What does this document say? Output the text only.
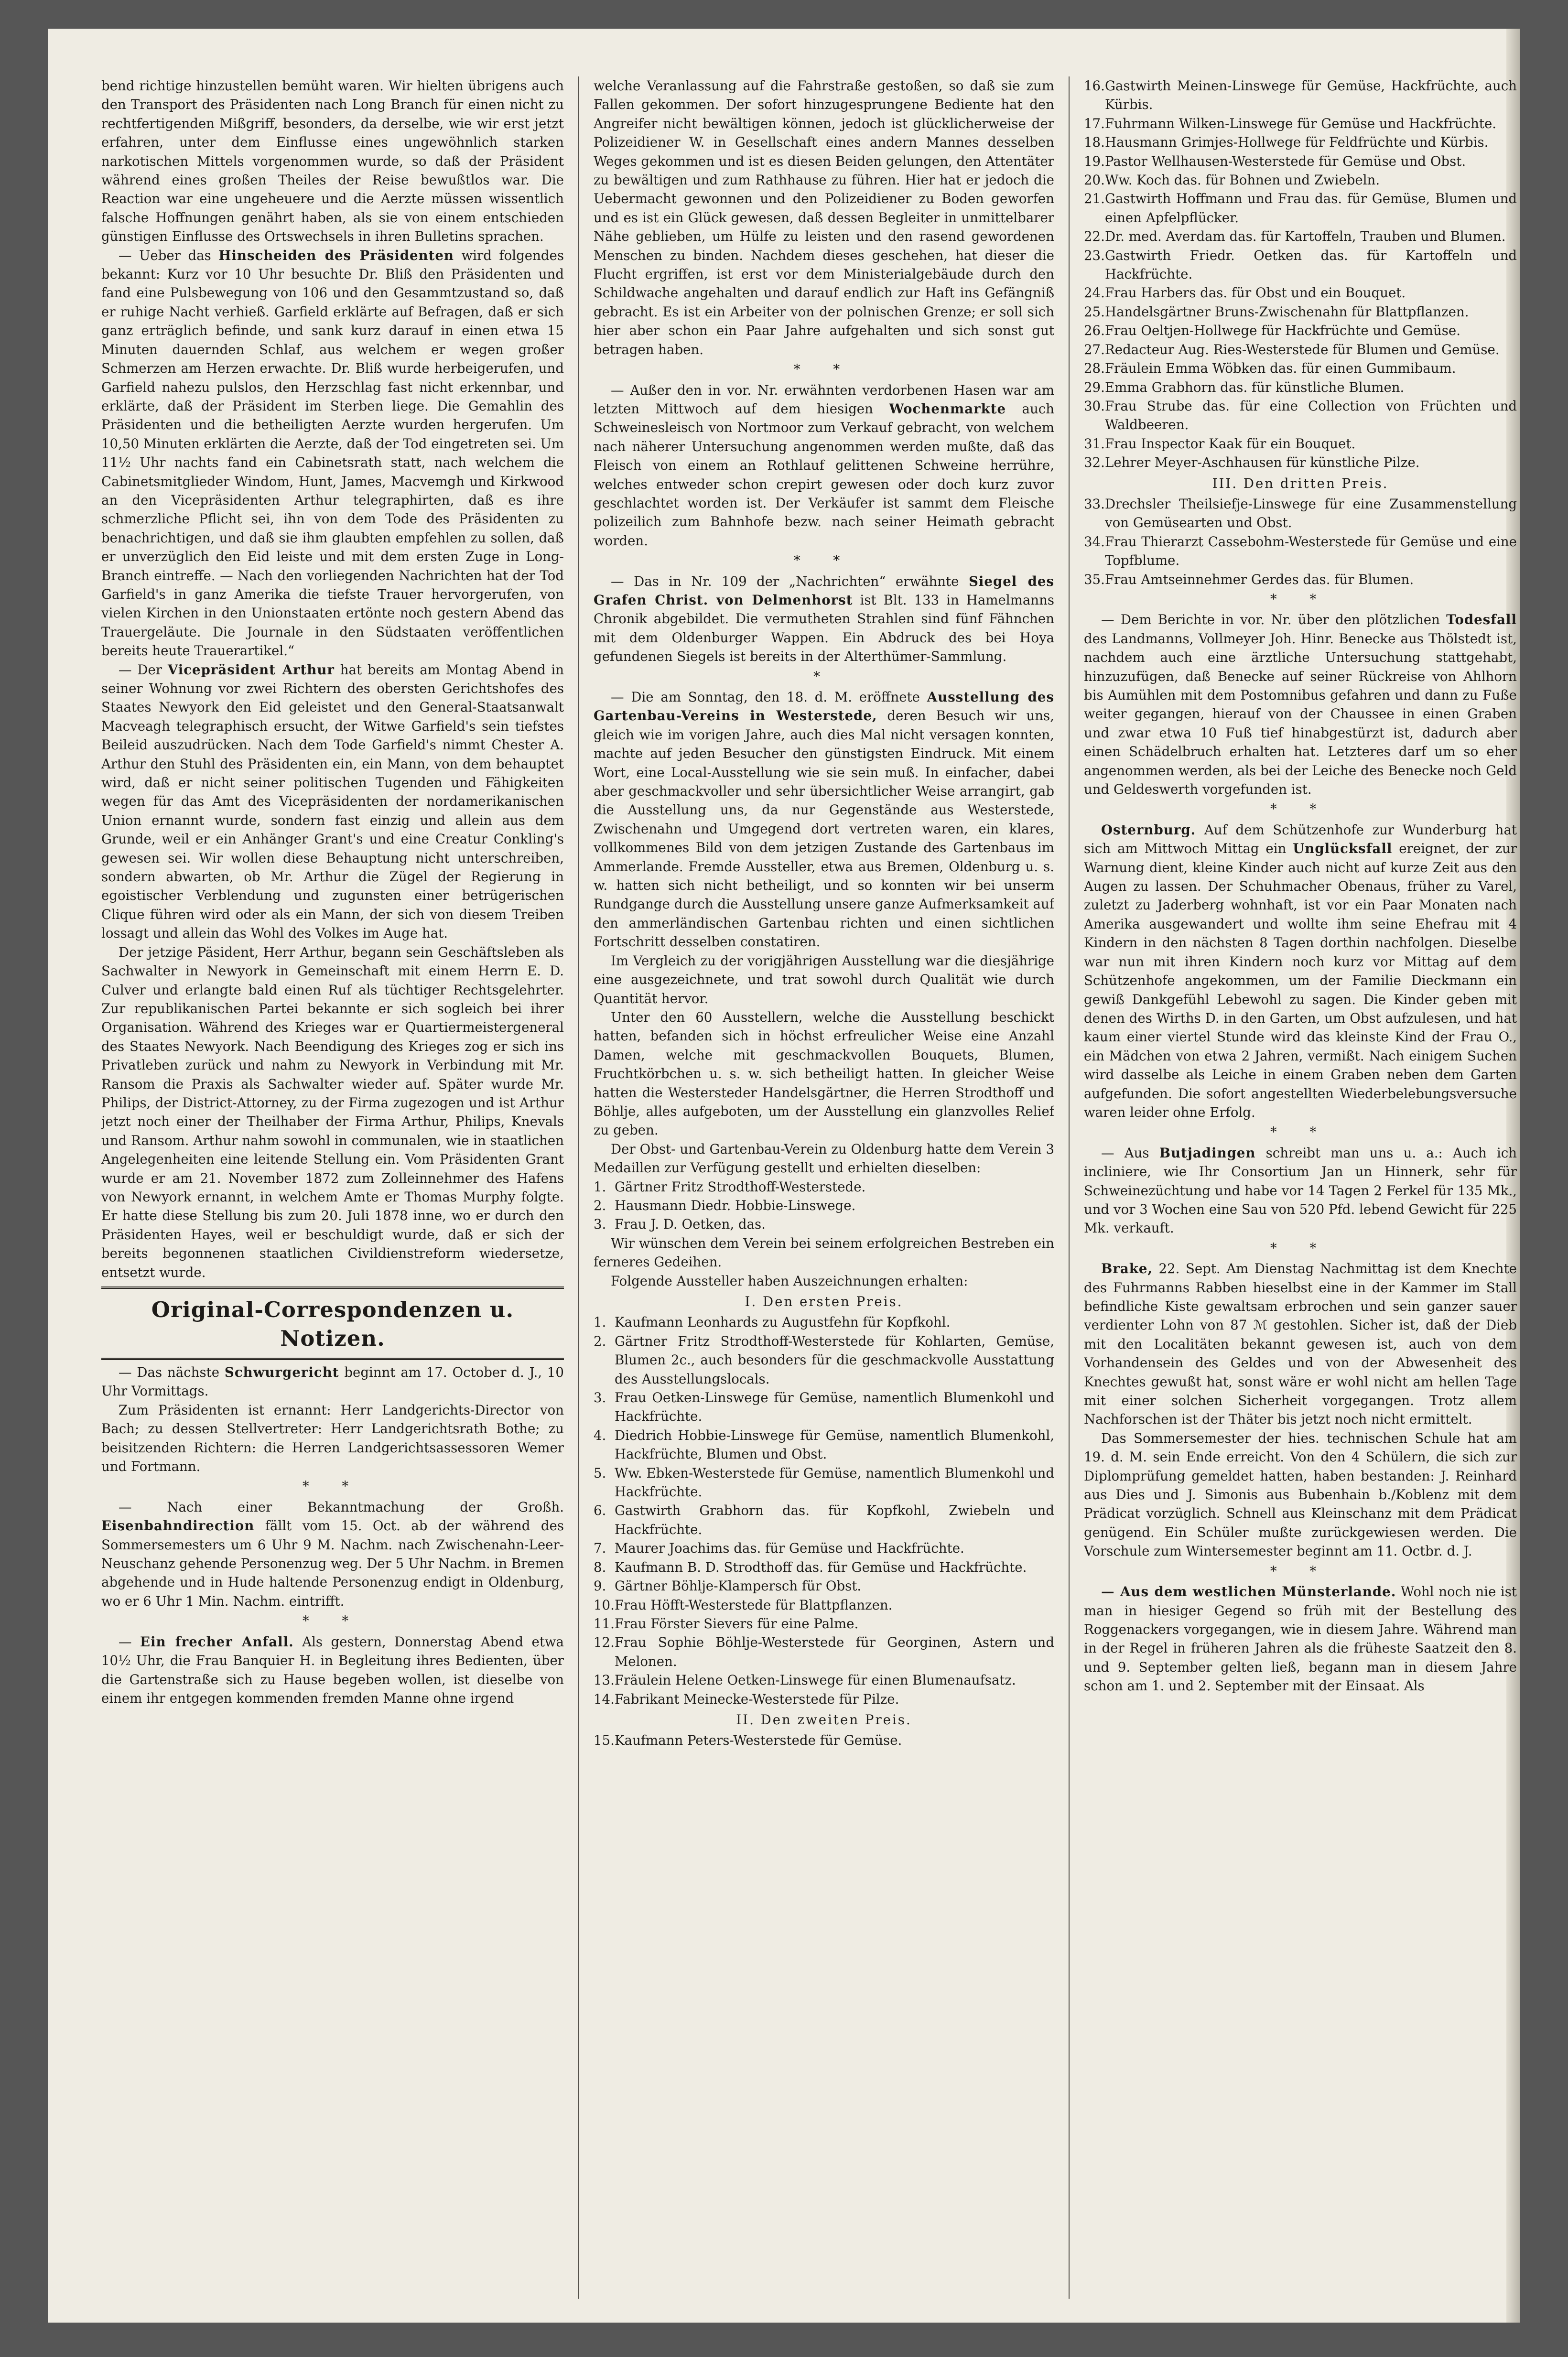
bend richtige hinzustellen bemüht waren. Wir hielten übrigens auch den Transport des Präsidenten nach Long Branch für einen nicht zu rechtfertigenden Mißgriff, besonders, da derselbe, wie wir erst jetzt erfahren, unter dem Einflusse eines ungewöhnlich starken narkotischen Mittels vorgenommen wurde, so daß der Präsident während eines großen Theiles der Reise bewußtlos war. Die Reaction war eine ungeheuere und die Aerzte müssen wissentlich falsche Hoffnungen genährt haben, als sie von einem entschieden günstigen Einflusse des Ortswechsels in ihren Bulletins sprachen.

— Ueber das Hinscheiden des Präsidenten wird folgendes bekannt: Kurz vor 10 Uhr besuchte Dr. Bliß den Präsidenten und fand eine Pulsbewegung von 106 und den Gesammtzustand so, daß er ruhige Nacht verhieß. Garfield erklärte auf Befragen, daß er sich ganz erträglich befinde, und sank kurz darauf in einen etwa 15 Minuten dauernden Schlaf, aus welchem er wegen großer Schmerzen am Herzen erwachte. Dr. Bliß wurde herbeigerufen, und Garfield nahezu pulslos, den Herzschlag fast nicht erkennbar, und erklärte, daß der Präsident im Sterben liege. Die Gemahlin des Präsidenten und die betheiligten Aerzte wurden hergerufen. Um 10,50 Minuten erklärten die Aerzte, daß der Tod eingetreten sei. Um 11½ Uhr nachts fand ein Cabinetsrath statt, nach welchem die Cabinetsmitglieder Windom, Hunt, James, Macvemgh und Kirkwood an den Vicepräsidenten Arthur telegraphirten, daß es ihre schmerzliche Pflicht sei, ihn von dem Tode des Präsidenten zu benachrichtigen, und daß sie ihm glaubten empfehlen zu sollen, daß er unverzüglich den Eid leiste und mit dem ersten Zuge in Long-Branch eintreffe. — Nach den vorliegenden Nachrichten hat der Tod Garfield's in ganz Amerika die tiefste Trauer hervorgerufen, von vielen Kirchen in den Unionstaaten ertönte noch gestern Abend das Trauergeläute. Die Journale in den Südstaaten veröffentlichen bereits heute Trauerartikel.“

— Der Vicepräsident Arthur hat bereits am Montag Abend in seiner Wohnung vor zwei Richtern des obersten Gerichtshofes des Staates Newyork den Eid geleistet und den General-Staatsanwalt Macveagh telegraphisch ersucht, der Witwe Garfield's sein tiefstes Beileid auszudrücken. Nach dem Tode Garfield's nimmt Chester A. Arthur den Stuhl des Präsidenten ein, ein Mann, von dem behauptet wird, daß er nicht seiner politischen Tugenden und Fähigkeiten wegen für das Amt des Vicepräsidenten der nordamerikanischen Union ernannt wurde, sondern fast einzig und allein aus dem Grunde, weil er ein Anhänger Grant's und eine Creatur Conkling's gewesen sei. Wir wollen diese Behauptung nicht unterschreiben, sondern abwarten, ob Mr. Arthur die Zügel der Regierung in egoistischer Verblendung und zugunsten einer betrügerischen Clique führen wird oder als ein Mann, der sich von diesem Treiben lossagt und allein das Wohl des Volkes im Auge hat.

Der jetzige Päsident, Herr Arthur, begann sein Geschäftsleben als Sachwalter in Newyork in Gemeinschaft mit einem Herrn E. D. Culver und erlangte bald einen Ruf als tüchtiger Rechtsgelehrter. Zur republikanischen Partei bekannte er sich sogleich bei ihrer Organisation. Während des Krieges war er Quartiermeistergeneral des Staates Newyork. Nach Beendigung des Krieges zog er sich ins Privatleben zurück und nahm zu Newyork in Verbindung mit Mr. Ransom die Praxis als Sachwalter wieder auf. Später wurde Mr. Philips, der District-Attorney, zu der Firma zugezogen und ist Arthur jetzt noch einer der Theilhaber der Firma Arthur, Philips, Knevals und Ransom. Arthur nahm sowohl in communalen, wie in staatlichen Angelegenheiten eine leitende Stellung ein. Vom Präsidenten Grant wurde er am 21. November 1872 zum Zolleinnehmer des Hafens von Newyork ernannt, in welchem Amte er Thomas Murphy folgte. Er hatte diese Stellung bis zum 20. Juli 1878 inne, wo er durch den Präsidenten Hayes, weil er beschuldigt wurde, daß er sich der bereits begonnenen staatlichen Civildienstreform wiedersetze, entsetzt wurde.

Original-Correspondenzen u. Notizen.

— Das nächste Schwurgericht beginnt am 17. October d. J., 10 Uhr Vormittags.

Zum Präsidenten ist ernannt: Herr Landgerichts-Director von Bach; zu dessen Stellvertreter: Herr Landgerichtsrath Bothe; zu beisitzenden Richtern: die Herren Landgerichtsassessoren Wemer und Fortmann.

* *

— Nach einer Bekanntmachung der Großh. Eisenbahndirection fällt vom 15. Oct. ab der während des Sommersemesters um 6 Uhr 9 M. Nachm. nach Zwischenahn-Leer-Neuschanz gehende Personenzug weg. Der 5 Uhr Nachm. in Bremen abgehende und in Hude haltende Personenzug endigt in Oldenburg, wo er 6 Uhr 1 Min. Nachm. eintrifft.

* *

— Ein frecher Anfall. Als gestern, Donnerstag Abend etwa 10½ Uhr, die Frau Banquier H. in Begleitung ihres Bedienten, über die Gartenstraße sich zu Hause begeben wollen, ist dieselbe von einem ihr entgegen kommenden fremden Manne ohne irgend

welche Veranlassung auf die Fahrstraße gestoßen, so daß sie zum Fallen gekommen. Der sofort hinzugesprungene Bediente hat den Angreifer nicht bewältigen können, jedoch ist glücklicherweise der Polizeidiener W. in Gesellschaft eines andern Mannes desselben Weges gekommen und ist es diesen Beiden gelungen, den Attentäter zu bewältigen und zum Rathhause zu führen. Hier hat er jedoch die Uebermacht gewonnen und den Polizeidiener zu Boden geworfen und es ist ein Glück gewesen, daß dessen Begleiter in unmittelbarer Nähe geblieben, um Hülfe zu leisten und den rasend gewordenen Menschen zu binden. Nachdem dieses geschehen, hat dieser die Flucht ergriffen, ist erst vor dem Ministerialgebäude durch den Schildwache angehalten und darauf endlich zur Haft ins Gefängniß gebracht. Es ist ein Arbeiter von der polnischen Grenze; er soll sich hier aber schon ein Paar Jahre aufgehalten und sich sonst gut betragen haben.

* *

— Außer den in vor. Nr. erwähnten verdorbenen Hasen war am letzten Mittwoch auf dem hiesigen Wochenmarkte auch Schweinesleisch von Nortmoor zum Verkauf gebracht, von welchem nach näherer Untersuchung angenommen werden mußte, daß das Fleisch von einem an Rothlauf gelittenen Schweine herrühre, welches entweder schon crepirt gewesen oder doch kurz zuvor geschlachtet worden ist. Der Verkäufer ist sammt dem Fleische polizeilich zum Bahnhofe bezw. nach seiner Heimath gebracht worden.

* *

— Das in Nr. 109 der „Nachrichten“ erwähnte Siegel des Grafen Christ. von Delmenhorst ist Blt. 133 in Hamelmanns Chronik abgebildet. Die vermutheten Strahlen sind fünf Fähnchen mit dem Oldenburger Wappen. Ein Abdruck des bei Hoya gefundenen Siegels ist bereits in der Alterthümer-Sammlung.

*

— Die am Sonntag, den 18. d. M. eröffnete Ausstellung des Gartenbau-Vereins in Westerstede, deren Besuch wir uns, gleich wie im vorigen Jahre, auch dies Mal nicht versagen konnten, machte auf jeden Besucher den günstigsten Eindruck. Mit einem Wort, eine Local-Ausstellung wie sie sein muß. In einfacher, dabei aber geschmackvoller und sehr übersichtlicher Weise arrangirt, gab die Ausstellung uns, da nur Gegenstände aus Westerstede, Zwischenahn und Umgegend dort vertreten waren, ein klares, vollkommenes Bild von dem jetzigen Zustande des Gartenbaus im Ammerlande. Fremde Aussteller, etwa aus Bremen, Oldenburg u. s. w. hatten sich nicht betheiligt, und so konnten wir bei unserm Rundgange durch die Ausstellung unsere ganze Aufmerksamkeit auf den ammerländischen Gartenbau richten und einen sichtlichen Fortschritt desselben constatiren.

Im Vergleich zu der vorigjährigen Ausstellung war die diesjährige eine ausgezeichnete, und trat sowohl durch Qualität wie durch Quantität hervor.

Unter den 60 Ausstellern, welche die Ausstellung beschickt hatten, befanden sich in höchst erfreulicher Weise eine Anzahl Damen, welche mit geschmackvollen Bouquets, Blumen, Fruchtkörbchen u. s. w. sich betheiligt hatten. In gleicher Weise hatten die Westersteder Handelsgärtner, die Herren Strodthoff und Böhlje, alles aufgeboten, um der Ausstellung ein glanzvolles Relief zu geben.

Der Obst- und Gartenbau-Verein zu Oldenburg hatte dem Verein 3 Medaillen zur Verfügung gestellt und erhielten dieselben:

1. Gärtner Fritz Strodthoff-Westerstede.
2. Hausmann Diedr. Hobbie-Linswege.
3. Frau J. D. Oetken, das.

Wir wünschen dem Verein bei seinem erfolgreichen Bestreben ein ferneres Gedeihen.

Folgende Aussteller haben Auszeichnungen erhalten:

I. Den ersten Preis.
1. Kaufmann Leonhards zu Augustfehn für Kopfkohl.
2. Gärtner Fritz Strodthoff-Westerstede für Kohlarten, Gemüse, Blumen 2c., auch besonders für die geschmackvolle Ausstattung des Ausstellungslocals.
3. Frau Oetken-Linswege für Gemüse, namentlich Blumenkohl und Hackfrüchte.
4. Diedrich Hobbie-Linswege für Gemüse, namentlich Blumenkohl, Hackfrüchte, Blumen und Obst.
5. Ww. Ebken-Westerstede für Gemüse, namentlich Blumenkohl und Hackfrüchte.
6. Gastwirth Grabhorn das. für Kopfkohl, Zwiebeln und Hackfrüchte.
7. Maurer Joachims das. für Gemüse und Hackfrüchte.
8. Kaufmann B. D. Strodthoff das. für Gemüse und Hackfrüchte.
9. Gärtner Böhlje-Klampersch für Obst.
10.Frau Höfft-Westerstede für Blattpflanzen.
11.Frau Förster Sievers für eine Palme.
12.Frau Sophie Böhlje-Westerstede für Georginen, Astern und Melonen.
13.Fräulein Helene Oetken-Linswege für einen Blumenaufsatz.
14.Fabrikant Meinecke-Westerstede für Pilze.
II. Den zweiten Preis.
15.Kaufmann Peters-Westerstede für Gemüse.
16.Gastwirth Meinen-Linswege für Gemüse, Hackfrüchte, auch Kürbis.
17.Fuhrmann Wilken-Linswege für Gemüse und Hackfrüchte.
18.Hausmann Grimjes-Hollwege für Feldfrüchte und Kürbis.
19.Pastor Wellhausen-Westerstede für Gemüse und Obst.
20.Ww. Koch das. für Bohnen und Zwiebeln.
21.Gastwirth Hoffmann und Frau das. für Gemüse, Blumen und einen Apfelpflücker.
22.Dr. med. Averdam das. für Kartoffeln, Trauben und Blumen.
23.Gastwirth Friedr. Oetken das. für Kartoffeln und Hackfrüchte.
24.Frau Harbers das. für Obst und ein Bouquet.
25.Handelsgärtner Bruns-Zwischenahn für Blattpflanzen.
26.Frau Oeltjen-Hollwege für Hackfrüchte und Gemüse.
27.Redacteur Aug. Ries-Westerstede für Blumen und Gemüse.
28.Fräulein Emma Wöbken das. für einen Gummibaum.
29.Emma Grabhorn das. für künstliche Blumen.
30.Frau Strube das. für eine Collection von Früchten und Waldbeeren.
31.Frau Inspector Kaak für ein Bouquet.
32.Lehrer Meyer-Aschhausen für künstliche Pilze.
III. Den dritten Preis.
33.Drechsler Theilsiefje-Linswege für eine Zusammenstellung von Gemüsearten und Obst.
34.Frau Thierarzt Cassebohm-Westerstede für Gemüse und eine Topfblume.
35.Frau Amtseinnehmer Gerdes das. für Blumen.
* *

— Dem Berichte in vor. Nr. über den plötzlichen Todesfall des Landmanns, Vollmeyer Joh. Hinr. Benecke aus Thölstedt ist, nachdem auch eine ärztliche Untersuchung stattgehabt, hinzuzufügen, daß Benecke auf seiner Rückreise von Ahlhorn bis Aumühlen mit dem Postomnibus gefahren und dann zu Fuße weiter gegangen, hierauf von der Chaussee in einen Graben und zwar etwa 10 Fuß tief hinabgestürzt ist, dadurch aber einen Schädelbruch erhalten hat. Letzteres darf um so eher angenommen werden, als bei der Leiche des Benecke noch Geld und Geldeswerth vorgefunden ist.

* *

Osternburg. Auf dem Schützenhofe zur Wunderburg hat sich am Mittwoch Mittag ein Unglücksfall ereignet, der zur Warnung dient, kleine Kinder auch nicht auf kurze Zeit aus den Augen zu lassen. Der Schuhmacher Obenaus, früher zu Varel, zuletzt zu Jaderberg wohnhaft, ist vor ein Paar Monaten nach Amerika ausgewandert und wollte ihm seine Ehefrau mit 4 Kindern in den nächsten 8 Tagen dorthin nachfolgen. Dieselbe war nun mit ihren Kindern noch kurz vor Mittag auf dem Schützenhofe angekommen, um der Familie Dieckmann ein gewiß Dankgefühl Lebewohl zu sagen. Die Kinder geben mit denen des Wirths D. in den Garten, um Obst aufzulesen, und hat kaum einer viertel Stunde wird das kleinste Kind der Frau O., ein Mädchen von etwa 2 Jahren, vermißt. Nach einigem Suchen wird dasselbe als Leiche in einem Graben neben dem Garten aufgefunden. Die sofort angestellten Wiederbelebungsversuche waren leider ohne Erfolg.

* *

— Aus Butjadingen schreibt man uns u. a.: Auch ich incliniere, wie Ihr Consortium Jan un Hinnerk, sehr für Schweinezüchtung und habe vor 14 Tagen 2 Ferkel für 135 Mk., und vor 3 Wochen eine Sau von 520 Pfd. lebend Gewicht für 225 Mk. verkauft.

* *

Brake, 22. Sept. Am Dienstag Nachmittag ist dem Knechte des Fuhrmanns Rabben hieselbst eine in der Kammer im Stall befindliche Kiste gewaltsam erbrochen und sein ganzer sauer verdienter Lohn von 87 ℳ gestohlen. Sicher ist, daß der Dieb mit den Localitäten bekannt gewesen ist, auch von dem Vorhandensein des Geldes und von der Abwesenheit des Knechtes gewußt hat, sonst wäre er wohl nicht am hellen Tage mit einer solchen Sicherheit vorgegangen. Trotz allem Nachforschen ist der Thäter bis jetzt noch nicht ermittelt.

Das Sommersemester der hies. technischen Schule hat am 19. d. M. sein Ende erreicht. Von den 4 Schülern, die sich zur Diplomprüfung gemeldet hatten, haben bestanden: J. Reinhard aus Dies und J. Simonis aus Bubenhain b./Koblenz mit dem Prädicat vorzüglich. Schnell aus Kleinschanz mit dem Prädicat genügend. Ein Schüler mußte zurückgewiesen werden. Die Vorschule zum Wintersemester beginnt am 11. Octbr. d. J.

* *

— Aus dem westlichen Münsterlande. Wohl noch nie ist man in hiesiger Gegend so früh mit der Bestellung des Roggenackers vorgegangen, wie in diesem Jahre. Während man in der Regel in früheren Jahren als die früheste Saatzeit den 8. und 9. September gelten ließ, begann man in diesem Jahre schon am 1. und 2. September mit der Einsaat. Als
